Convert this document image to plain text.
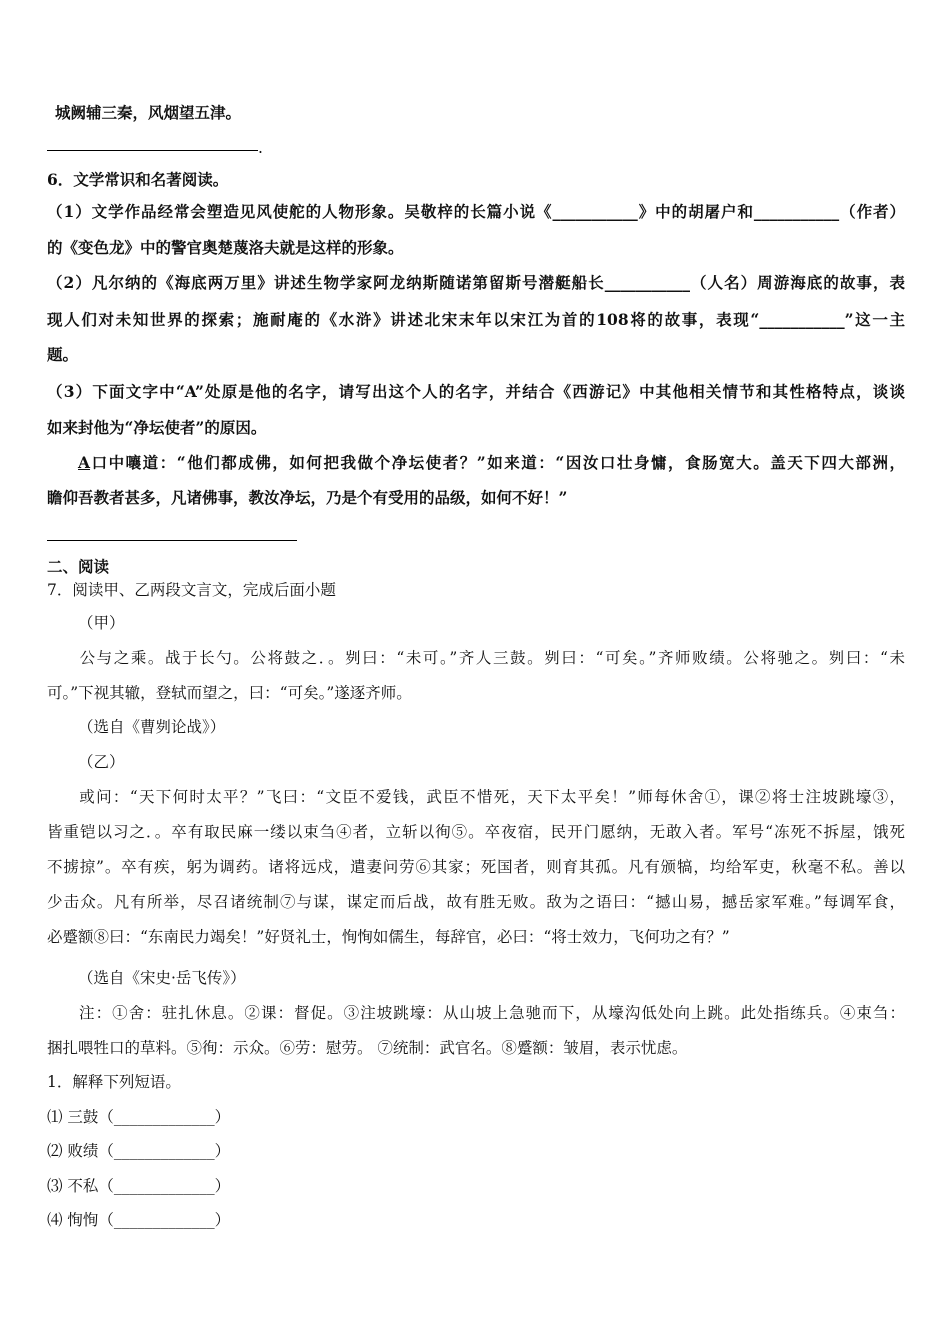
城阙辅三秦，风烟望五津。
.
6．文学常识和名著阅读。
（1）文学作品经常会塑造见风使舵的人物形象。吴敬梓的长篇小说《___________》中的胡屠户和___________（作者）
的《变色龙》中的警官奥楚蔑洛夫就是这样的形象。
（2）凡尔纳的《海底两万里》讲述生物学家阿龙纳斯随诺第留斯号潜艇船长___________（人名）周游海底的故事，表
现人们对未知世界的探索；施耐庵的《水浒》讲述北宋末年以宋江为首的108将的故事，表现“___________”这一主
题。
（3）下面文字中“A”处原是他的名字，请写出这个人的名字，并结合《西游记》中其他相关情节和其性格特点，谈谈
如来封他为“净坛使者”的原因。
A口中嚷道：“他们都成佛，如何把我做个净坛使者？”如来道：“因汝口壮身慵，食肠宽大。盖天下四大部洲，
瞻仰吾教者甚多，凡诸佛事，教汝净坛，乃是个有受用的品级，如何不好！”
二、阅读
7．阅读甲、乙两段文言文，完成后面小题
（甲）
公与之乘。战于长勺。公将鼓之．。刿曰：“未可。”齐人三鼓。刿曰：“可矣。”齐师败绩。公将驰之。刿曰：“未
可。”下视其辙，登轼而望之，曰：“可矣。”遂逐齐师。
（选自《曹刿论战》）
（乙）
或问：“天下何时太平？”飞曰：“文臣不爱钱，武臣不惜死，天下太平矣！”师每休舍①，课②将士注坡跳壕③，
皆重铠以习之．。卒有取民麻一缕以束刍④者，立斩以徇⑤。卒夜宿，民开门愿纳，无敢入者。军号“冻死不拆屋，饿死
不掳掠”。卒有疾，躬为调药。诸将远戍，遣妻问劳⑥其家；死国者，则育其孤。凡有颁犒，均给军吏，秋毫不私。善以
少击众。凡有所举，尽召诸统制⑦与谋，谋定而后战，故有胜无败。敌为之语曰：“撼山易，撼岳家军难。”每调军食，
必蹙额⑧曰：“东南民力竭矣！”好贤礼士，恂恂如儒生，每辞官，必曰：“将士效力，飞何功之有？”
（选自《宋史·岳飞传》）
注：①舍：驻扎休息。②课：督促。③注坡跳壕：从山坡上急驰而下，从壕沟低处向上跳。此处指练兵。④束刍：
捆扎喂牲口的草料。⑤徇：示众。⑥劳：慰劳。 ⑦统制：武官名。⑧蹙额：皱眉，表示忧虑。
1．解释下列短语。
⑴ 三鼓（_____________）
⑵ 败绩（_____________）
⑶ 不私（_____________）
⑷ 恂恂（_____________）
